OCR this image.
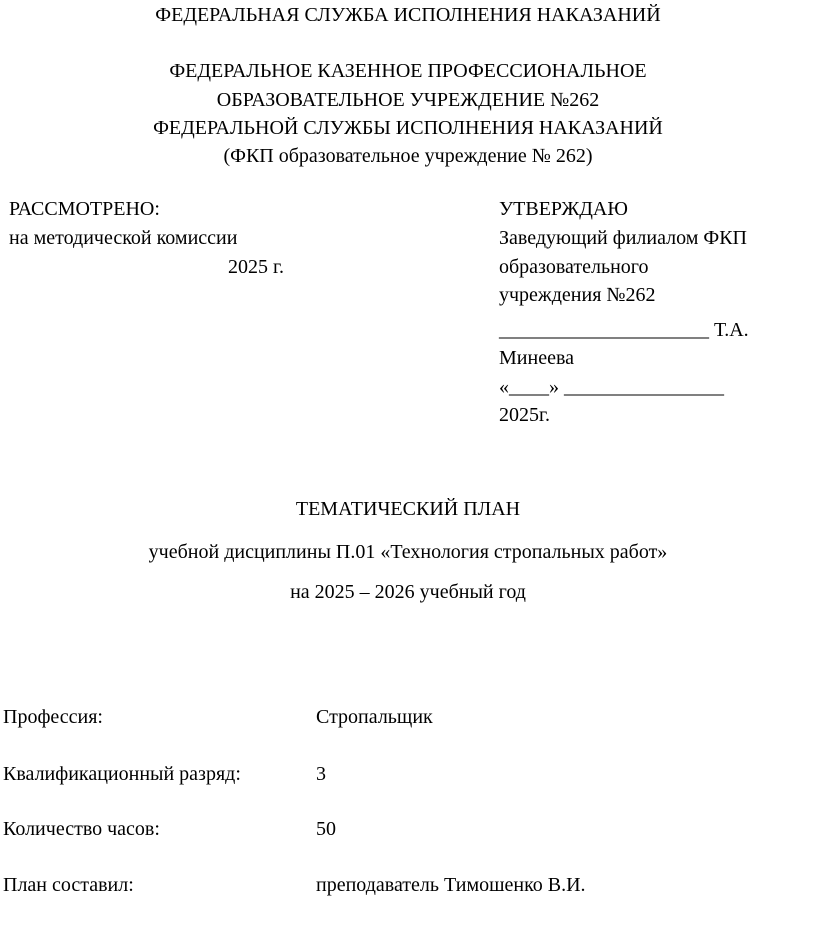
ФЕДЕРАЛЬНАЯ СЛУЖБА ИСПОЛНЕНИЯ НАКАЗАНИЙ
ФЕДЕРАЛЬНОЕ КАЗЕННОЕ ПРОФЕССИОНАЛЬНОЕ
ОБРАЗОВАТЕЛЬНОЕ УЧРЕЖДЕНИЕ №262
ФЕДЕРАЛЬНОЙ СЛУЖБЫ ИСПОЛНЕНИЯ НАКАЗАНИЙ
(ФКП образовательное учреждение № 262)
РАССМОТРЕНО:
на методической комиссии
2025 г.
УТВЕРЖДАЮ
Заведующий филиалом ФКП
образовательного
учреждения №262
_____________________ Т.А.
Минеева
«____» ________________
2025г.
ТЕМАТИЧЕСКИЙ ПЛАН
учебной дисциплины П.01 «Технология стропальных работ»
на 2025 – 2026 учебный год
Профессия:	Стропальщик
Квалификационный разряд:	3
Количество часов:	50
План составил:	преподаватель Тимошенко В.И.
